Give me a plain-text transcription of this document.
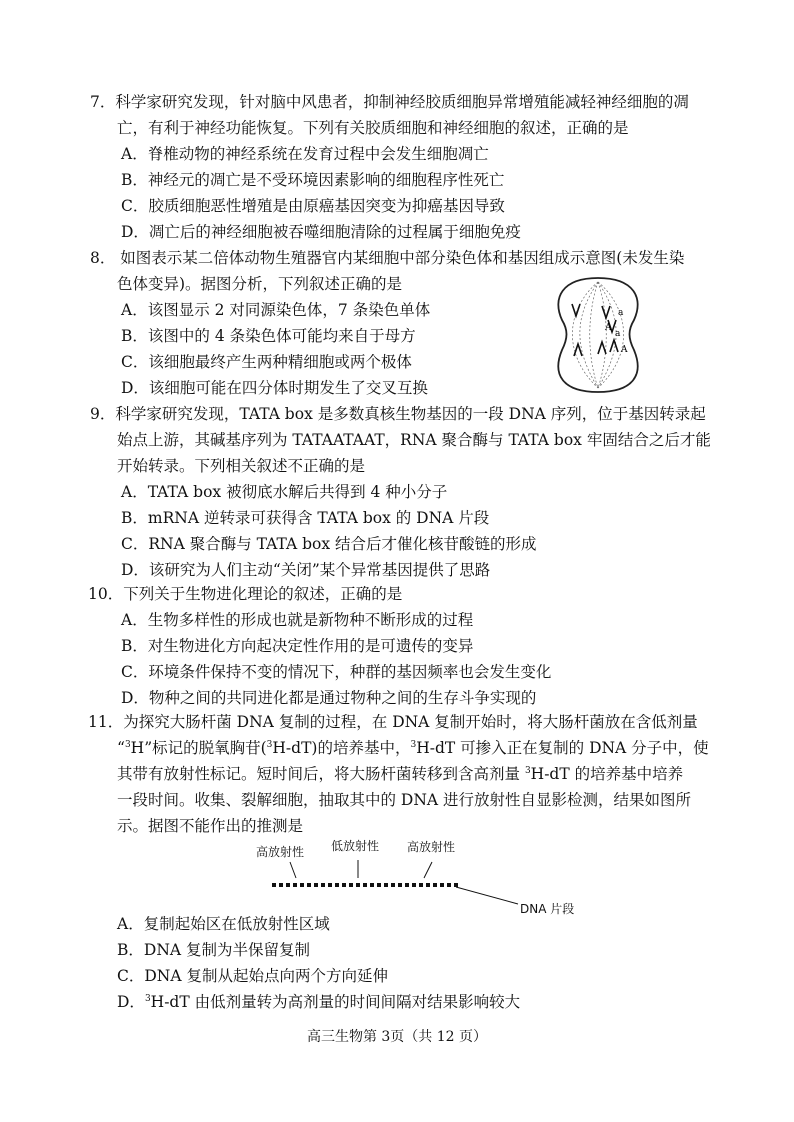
7．科学家研究发现，针对脑中风患者，抑制神经胶质细胞异常增殖能减轻神经细胞的凋
亡，有利于神经功能恢复。下列有关胶质细胞和神经细胞的叙述，正确的是
A．脊椎动物的神经系统在发育过程中会发生细胞凋亡
B．神经元的凋亡是不受环境因素影响的细胞程序性死亡
C．胶质细胞恶性增殖是由原癌基因突变为抑癌基因导致
D．凋亡后的神经细胞被吞噬细胞清除的过程属于细胞免疫
8． 如图表示某二倍体动物生殖器官内某细胞中部分染色体和基因组成示意图(未发生染
色体变异)。据图分析，下列叙述正确的是
A．该图显示 2 对同源染色体，7 条染色单体
B．该图中的 4 条染色体可能均来自于母方
C．该细胞最终产生两种精细胞或两个极体
D．该细胞可能在四分体时期发生了交叉互换
a
A
a
A
9．科学家研究发现，TATA box 是多数真核生物基因的一段 DNA 序列，位于基因转录起
始点上游，其碱基序列为 TATAATAAT，RNA 聚合酶与 TATA box 牢固结合之后才能
开始转录。下列相关叙述不正确的是
A．TATA box 被彻底水解后共得到 4 种小分子
B．mRNA 逆转录可获得含 TATA box 的 DNA 片段
C．RNA 聚合酶与 TATA box 结合后才催化核苷酸链的形成
D．该研究为人们主动“关闭”某个异常基因提供了思路
10．下列关于生物进化理论的叙述，正确的是
A．生物多样性的形成也就是新物种不断形成的过程
B．对生物进化方向起决定性作用的是可遗传的变异
C．环境条件保持不变的情况下，种群的基因频率也会发生变化
D．物种之间的共同进化都是通过物种之间的生存斗争实现的
11．为探究大肠杆菌 DNA 复制的过程，在 DNA 复制开始时，将大肠杆菌放在含低剂量
“$^3$H”标记的脱氧胸苷($^3$H-dT)的培养基中，$^3$H-dT 可掺入正在复制的 DNA 分子中，使
其带有放射性标记。短时间后，将大肠杆菌转移到含高剂量 $^3$H-dT 的培养基中培养
一段时间。收集、裂解细胞，抽取其中的 DNA 进行放射性自显影检测，结果如图所
示。据图不能作出的推测是
高放射性 低放射性 高放射性
DNA 片段
A．复制起始区在低放射性区域
B．DNA 复制为半保留复制
C．DNA 复制从起始点向两个方向延伸
D．$^3$H-dT 由低剂量转为高剂量的时间间隔对结果影响较大
高三生物第 3页（共 12 页）
